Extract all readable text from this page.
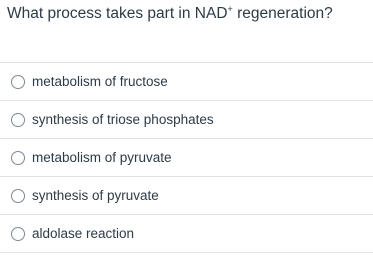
What process takes part in NAD+ regeneration?
metabolism of fructose
synthesis of triose phosphates
metabolism of pyruvate
synthesis of pyruvate
aldolase reaction
